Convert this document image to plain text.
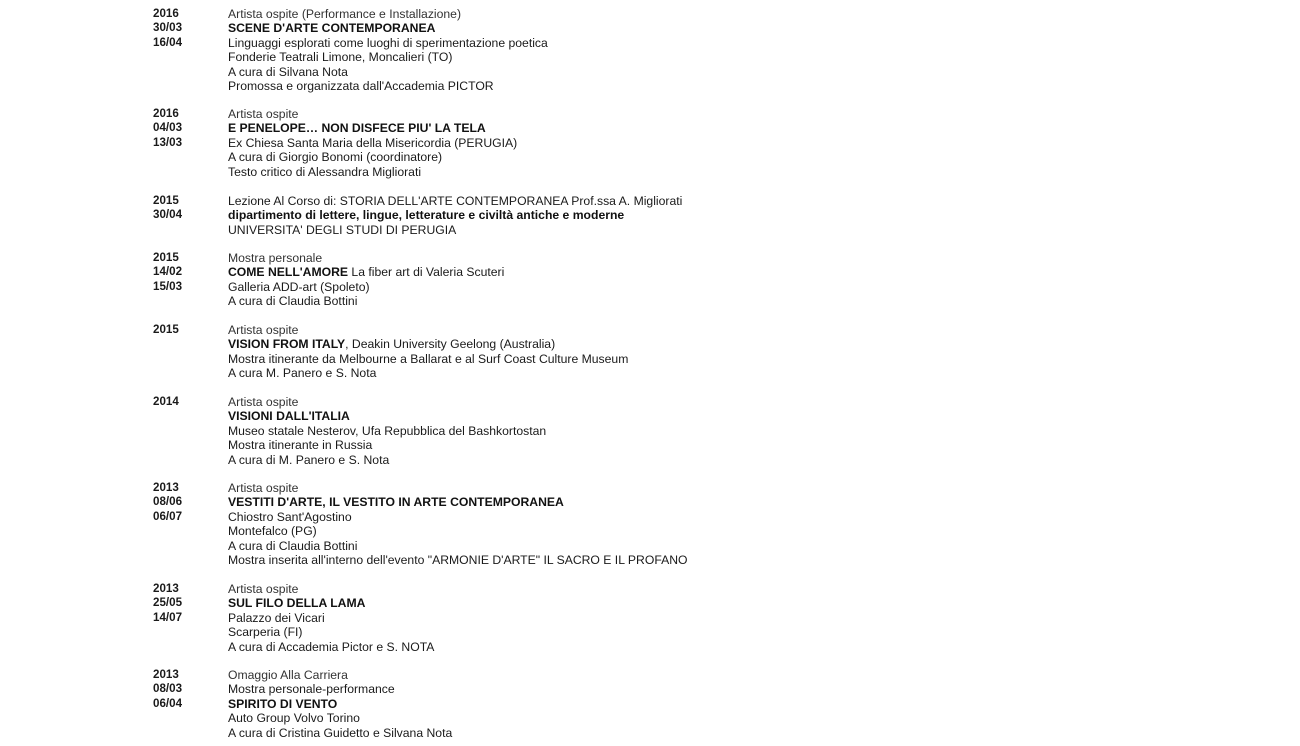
2016
30/03
16/04
Artista ospite (Performance e Installazione)
SCENE D'ARTE CONTEMPORANEA
Linguaggi esplorati come luoghi di sperimentazione poetica
Fonderie Teatrali Limone, Moncalieri (TO)
A cura di Silvana Nota
Promossa e organizzata dall'Accademia PICTOR
2016
04/03
13/03
Artista ospite
E PENELOPE… NON DISFECE PIU' LA TELA
Ex Chiesa Santa Maria della Misericordia (PERUGIA)
A cura di Giorgio Bonomi (coordinatore)
Testo critico di Alessandra Migliorati
2015
30/04
Lezione Al Corso di: STORIA DELL'ARTE CONTEMPORANEA Prof.ssa A. Migliorati
dipartimento di lettere, lingue, letterature e civiltà antiche e moderne
UNIVERSITA' DEGLI STUDI DI PERUGIA
2015
14/02
15/03
Mostra personale
COME NELL'AMORE La fiber art di Valeria Scuteri
Galleria ADD-art (Spoleto)
A cura di Claudia Bottini
2015	Artista ospite
VISION FROM ITALY, Deakin University Geelong (Australia)
Mostra itinerante da Melbourne a Ballarat e al Surf Coast Culture Museum
A cura M. Panero e S. Nota
2014	Artista ospite
VISIONI DALL'ITALIA
Museo statale Nesterov, Ufa Repubblica del Bashkortostan
Mostra itinerante in Russia
A cura di M. Panero e S. Nota
2013
08/06
06/07
Artista ospite
VESTITI D'ARTE, IL VESTITO IN ARTE CONTEMPORANEA
Chiostro Sant'Agostino
Montefalco (PG)
A cura di Claudia Bottini
Mostra inserita all'interno dell'evento "ARMONIE D'ARTE" IL SACRO E IL PROFANO
2013
25/05
14/07
Artista ospite
SUL FILO DELLA LAMA
Palazzo dei Vicari
Scarperia (FI)
A cura di Accademia Pictor e S. NOTA
2013
08/03
06/04
Omaggio Alla Carriera
Mostra personale-performance
SPIRITO DI VENTO
Auto Group Volvo Torino
A cura di Cristina Guidetto e Silvana Nota
